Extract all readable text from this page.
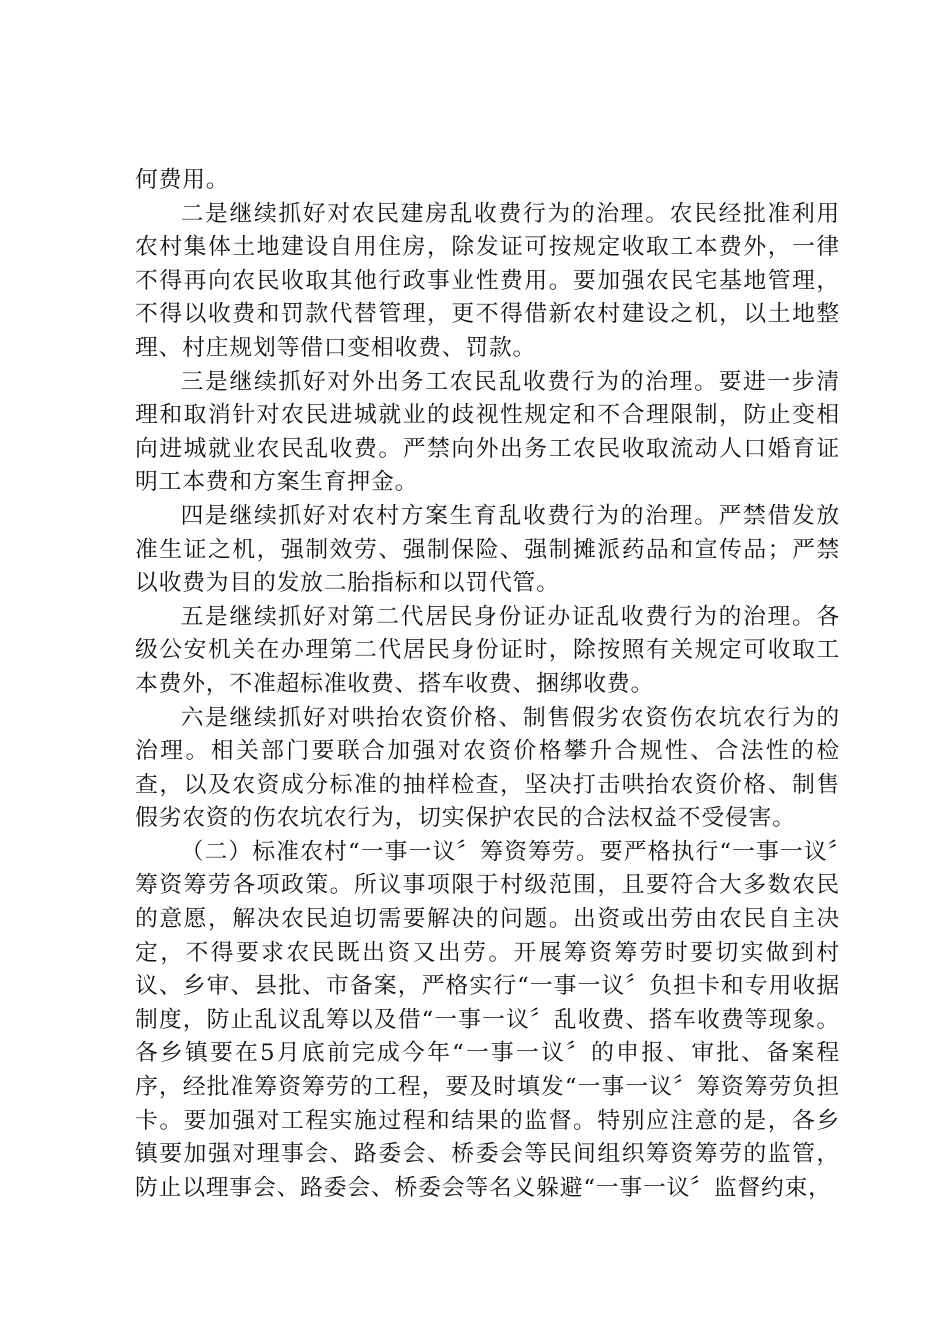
何费用。

二是继续抓好对农民建房乱收费行为的治理。农民经批准利用农村集体土地建设自用住房，除发证可按规定收取工本费外，一律不得再向农民收取其他行政事业性费用。要加强农民宅基地管理，不得以收费和罚款代替管理，更不得借新农村建设之机，以土地整理、村庄规划等借口变相收费、罚款。

三是继续抓好对外出务工农民乱收费行为的治理。要进一步清理和取消针对农民进城就业的歧视性规定和不合理限制，防止变相向进城就业农民乱收费。严禁向外出务工农民收取流动人口婚育证明工本费和方案生育押金。

四是继续抓好对农村方案生育乱收费行为的治理。严禁借发放准生证之机，强制效劳、强制保险、强制摊派药品和宣传品；严禁以收费为目的发放二胎指标和以罚代管。

五是继续抓好对第二代居民身份证办证乱收费行为的治理。各级公安机关在办理第二代居民身份证时，除按照有关规定可收取工本费外，不准超标准收费、搭车收费、捆绑收费。

六是继续抓好对哄抬农资价格、制售假劣农资伤农坑农行为的治理。相关部门要联合加强对农资价格攀升合规性、合法性的检查，以及农资成分标准的抽样检查，坚决打击哄抬农资价格、制售假劣农资的伤农坑农行为，切实保护农民的合法权益不受侵害。

（二）标准农村“一事一议〞筹资筹劳。要严格执行“一事一议〞筹资筹劳各项政策。所议事项限于村级范围，且要符合大多数农民的意愿，解决农民迫切需要解决的问题。出资或出劳由农民自主决定，不得要求农民既出资又出劳。开展筹资筹劳时要切实做到村议、乡审、县批、市备案，严格实行“一事一议〞负担卡和专用收据制度，防止乱议乱筹以及借“一事一议〞乱收费、搭车收费等现象。各乡镇要在5月底前完成今年“一事一议〞的申报、审批、备案程序，经批准筹资筹劳的工程，要及时填发“一事一议〞筹资筹劳负担卡。要加强对工程实施过程和结果的监督。特别应注意的是，各乡镇要加强对理事会、路委会、桥委会等民间组织筹资筹劳的监管，防止以理事会、路委会、桥委会等名义躲避“一事一议〞监督约束，
